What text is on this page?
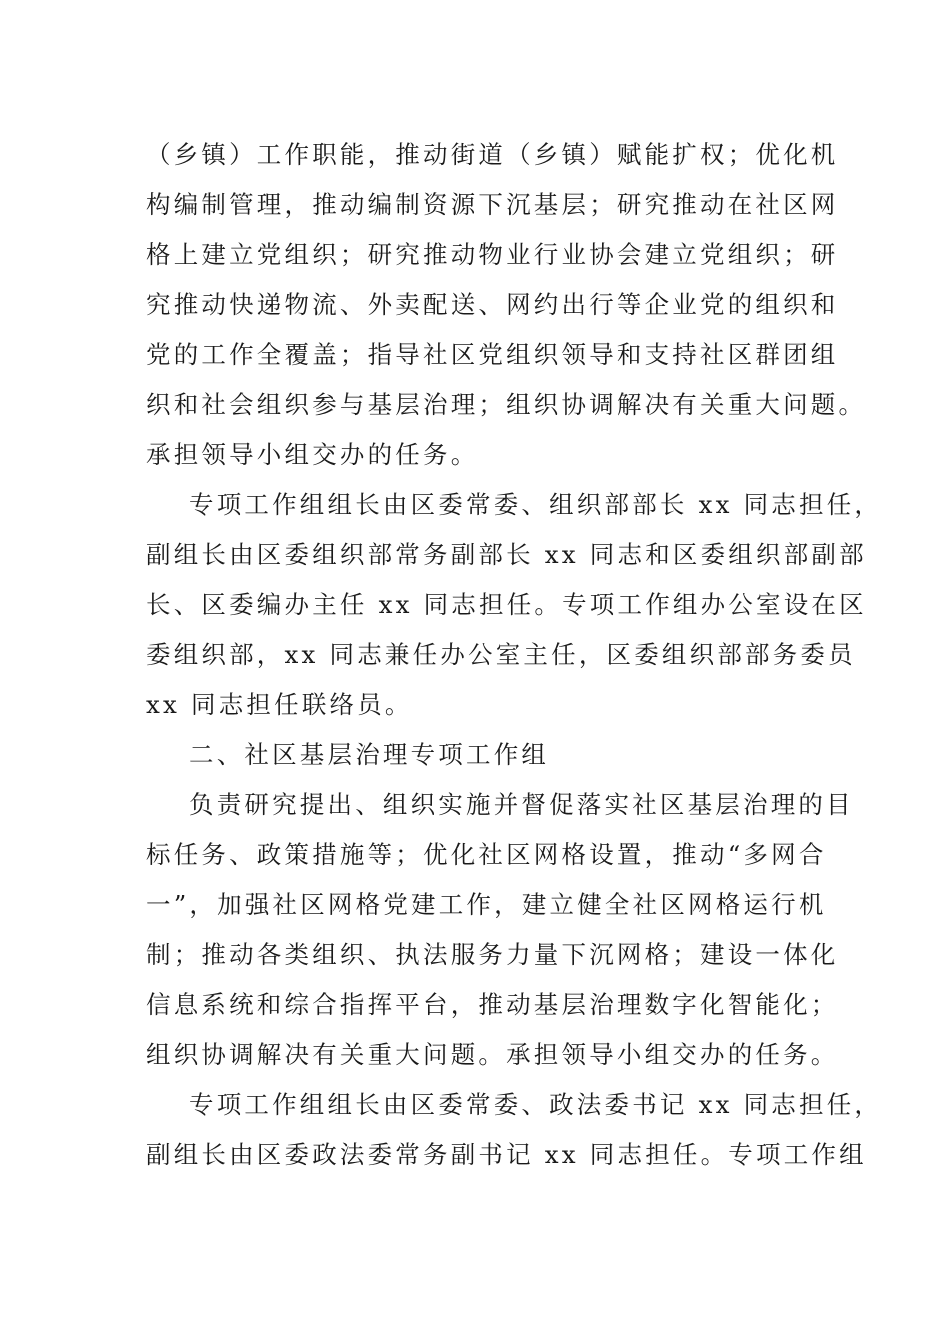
（乡镇）工作职能，推动街道（乡镇）赋能扩权；优化机
构编制管理，推动编制资源下沉基层；研究推动在社区网
格上建立党组织；研究推动物业行业协会建立党组织；研
究推动快递物流、外卖配送、网约出行等企业党的组织和
党的工作全覆盖；指导社区党组织领导和支持社区群团组
织和社会组织参与基层治理；组织协调解决有关重大问题。
承担领导小组交办的任务。
专项工作组组长由区委常委、组织部部长 xx 同志担任，
副组长由区委组织部常务副部长 xx 同志和区委组织部副部
长、区委编办主任 xx 同志担任。专项工作组办公室设在区
委组织部，xx 同志兼任办公室主任，区委组织部部务委员
xx 同志担任联络员。
二、社区基层治理专项工作组
负责研究提出、组织实施并督促落实社区基层治理的目
标任务、政策措施等；优化社区网格设置，推动“多网合
一”，加强社区网格党建工作，建立健全社区网格运行机
制；推动各类组织、执法服务力量下沉网格；建设一体化
信息系统和综合指挥平台，推动基层治理数字化智能化；
组织协调解决有关重大问题。承担领导小组交办的任务。
专项工作组组长由区委常委、政法委书记 xx 同志担任，
副组长由区委政法委常务副书记 xx 同志担任。专项工作组
